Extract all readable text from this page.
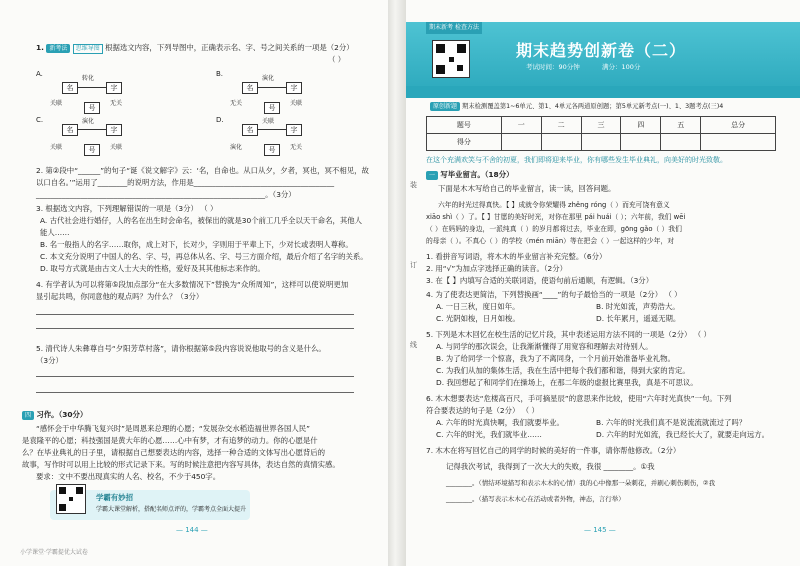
1. 新考法 思维导图 根据选文内容，下列导图中，正确表示名、字、号之间关系的一项是（2分）
（ ）
A.
名	字
号
转化
关联	无关
B.
名	字
号
演化
无关	关联
C.
名	字
号
演化
关联	关联
D.
名	字
号
关联
演化	无关
2. 第②段中“______”的句子“诞《说文解字》云：‘名，自命也。从口从夕，夕者，冥也，冥不相见，故
以口自名。’”运用了________的说明方法，作用是______________________________________
______________________________________________________________。（3分）
3. 根据选文内容，下列理解错误的一项是（3分） （ ）
A. 古代社会进行婚仔，人的名在出生时会命名，被保出的就是30个前工几乎全以天干命名，其他人
能人……
B. 名一般指人的名字……取你，成上对下，长对少，字则用于平辈上下，少对长或表明人尊称。
C. 本文充分说明了中国人的名、字、号，再总体从名、字、号三方面介绍，最后介绍了名字的关系。
D. 取号方式就是由古文人士大夫的性格，爱好及其其他标志来作的。
4. 有学者认为可以将第⑤段加点部分“在大多数情况下”替换为“众所周知”，这样可以使说明更加
显引起共鸣，你同意他的观点吗？为什么？（3分）
5. 清代诗人朱彝尊自号“夕阳芳草村落”，请你根据第⑤段内容说说他取号的含义是什么。
（3分）
四 习作。（30分）
“感怀会于中华腾飞复兴时”是周恩来总理的心愿；“发展杂交水稻造福世界各国人民”
是袁隆平的心愿；科技强国是黄大年的心愿……心中有梦，才有追梦的动力。你的心愿是什
么？在毕业典礼的日子里，请根据自己想要表达的内容，选择一种合适的文体写出心愿背后的
故事，写作时可以用上比较的形式记录下来。写的时候注意把内容写具体，表达自然的真情实感。
要求：文中不要出现真实的人名、校名，不少于450字。
学霸有妙招
学霸大课堂解析，搭配名师点评的，学霸考点全面大提升
— 144 —
小学课堂·学霸提优大试卷
期末新考 检查方法
期末趋势创新卷（二）
考试时间：90分钟	满分：100分
原创新题 期末检测覆盖第1~6单元、第1、4单元各两道原创题；第5单元新考点(一)、1、3题考点(三)4
题号	一	二	三	四	五	总分
得分						
在这个充满欢笑与不舍的初夏，我们即将迎来毕业，你有哪些发生毕业典礼，向美好的时光致敬。
一 写毕业留言。（18分）
下面是木木写给自己的毕业留言，读一读，回答问题。
六年的时光过得真快。【 】成就令你荣耀得 zhěng róng（ ）而充可饶有意义
xiāo shì（ ）了。【 】甘愿的美好时光，对你在那里 pái huái（ ）；六年前，我们 wēi
（ ）在妈妈的身边，一派纯真（ ）的岁月都将过去，毕业在即，gōng gǎo（ ）我们
的母亲（ ）。不真心（ ）的学校（mén miān）等在把会（ ）一起这样的少年，对
1. 看拼音写词语，将木木的毕业留言补充完整。（6分）
2. 用“√”为加点字选择正确的读音。（2分）
3. 在【 】内填写合适的关联词语，使语句前后通顺，有逻辑。（3分）
4. 为了使表达更简洁，下列替换画“____”的句子最恰当的一项是（2分） （ ）
A. 一日三秋，度日如年。	B. 时光如流，声势浩大。
C. 光阴如梭，日月如梭。	D. 长年累月，遥遥无期。
5. 下列是木木回忆在校生活的记忆片段，其中表述运用方法不同的一项是（2分） （ ）
A. 与同学的那次误会，让我渐渐懂得了用宽容和理解去对待别人。
B. 为了给同学一个惊喜，我为了不离同身，一个月前开始准备毕业礼物。
C. 为我们从加的集体生活，我在生活中把每个我们都和谐，得到大家的肯定。
D. 我回想起了和同学们在操场上，在那二年级的虚报比赛里我，真是不可思议。
6. 木木想要表达“危楼高百尺，手可摘星辰”的意思来作比较，使用“六年时光真快”一句。下列
符合要表达的句子是（2分） （ ）
A. 六年的时光真快啊，我们就要毕业。	B. 六年的时光我们真不是说流流就流过了吗？
C. 六年的时光，我们就毕业……	D. 六年的时光如流，我已经长大了，就要走向远方。
7. 木木在将写回忆自己的同学的时候的美好的一件事，请你帮他修改。（2分）
记得我次考试，我得到了一次大大的失败，我很 ________。①我
________。（情结环境描写和表示木木的心情）我的心中像那一朵刺花，并刷心刺伤刺伤，②我
________。（描写表示木木心在活动或者外物，神态，言行举）
— 145 —
装
订
线
